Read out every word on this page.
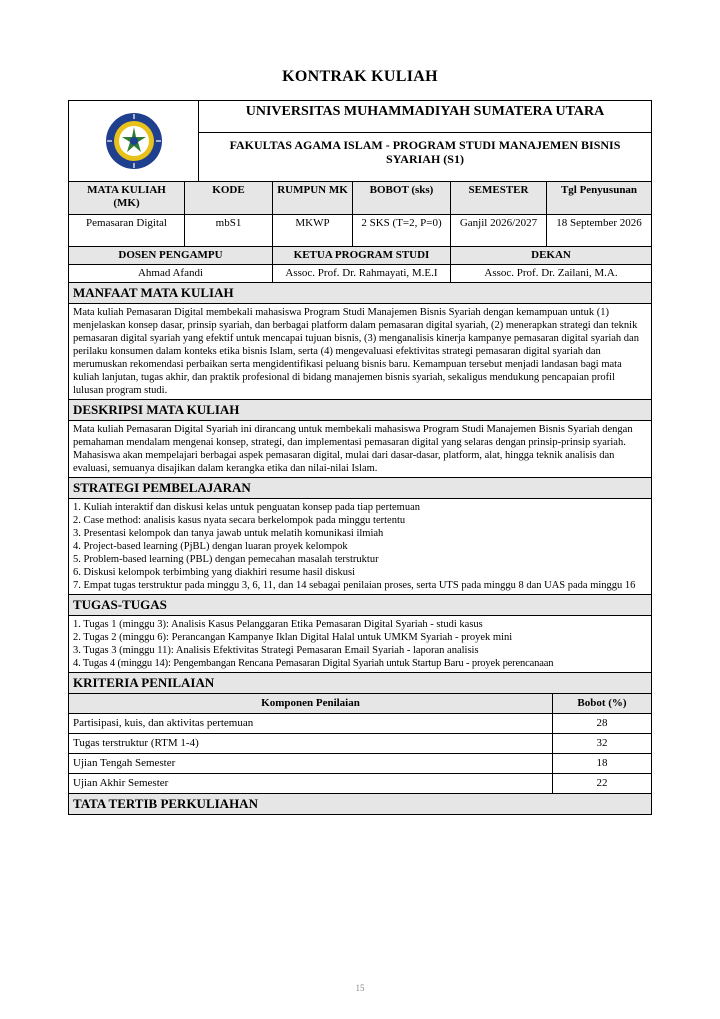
KONTRAK KULIAH
	UNIVERSITAS MUHAMMADIYAH SUMATERA UTARA
FAKULTAS AGAMA ISLAM - PROGRAM STUDI MANAJEMEN BISNIS SYARIAH (S1)
MATA KULIAH (MK)	KODE	RUMPUN MK	BOBOT (sks)	SEMESTER	Tgl Penyusunan
Pemasaran Digital	mbS1	MKWP	2 SKS (T=2, P=0)	Ganjil 2026/2027	18 September 2026
DOSEN PENGAMPU	KETUA PROGRAM STUDI	DEKAN
Ahmad Afandi	Assoc. Prof. Dr. Rahmayati, M.E.I	Assoc. Prof. Dr. Zailani, M.A.
MANFAAT MATA KULIAH
Mata kuliah Pemasaran Digital membekali mahasiswa Program Studi Manajemen Bisnis Syariah dengan kemampuan untuk (1) menjelaskan konsep dasar, prinsip syariah, dan berbagai platform dalam pemasaran digital syariah, (2) menerapkan strategi dan teknik pemasaran digital syariah yang efektif untuk mencapai tujuan bisnis, (3) menganalisis kinerja kampanye pemasaran digital syariah dan perilaku konsumen dalam konteks etika bisnis Islam, serta (4) mengevaluasi efektivitas strategi pemasaran digital syariah dan merumuskan rekomendasi perbaikan serta mengidentifikasi peluang bisnis baru. Kemampuan tersebut menjadi landasan bagi mata kuliah lanjutan, tugas akhir, dan praktik profesional di bidang manajemen bisnis syariah, sekaligus mendukung pencapaian profil lulusan program studi.
DESKRIPSI MATA KULIAH
Mata kuliah Pemasaran Digital Syariah ini dirancang untuk membekali mahasiswa Program Studi Manajemen Bisnis Syariah dengan pemahaman mendalam mengenai konsep, strategi, dan implementasi pemasaran digital yang selaras dengan prinsip-prinsip syariah. Mahasiswa akan mempelajari berbagai aspek pemasaran digital, mulai dari dasar-dasar, platform, alat, hingga teknik analisis dan evaluasi, semuanya disajikan dalam kerangka etika dan nilai-nilai Islam.
STRATEGI PEMBELAJARAN

1. Kuliah interaktif dan diskusi kelas untuk penguatan konsep pada tiap pertemuan
2. Case method: analisis kasus nyata secara berkelompok pada minggu tertentu
3. Presentasi kelompok dan tanya jawab untuk melatih komunikasi ilmiah
4. Project-based learning (PjBL) dengan luaran proyek kelompok
5. Problem-based learning (PBL) dengan pemecahan masalah terstruktur
6. Diskusi kelompok terbimbing yang diakhiri resume hasil diskusi
7. Empat tugas terstruktur pada minggu 3, 6, 11, dan 14 sebagai penilaian proses, serta UTS pada minggu 8 dan UAS pada minggu 16

TUGAS-TUGAS

1. Tugas 1 (minggu 3): Analisis Kasus Pelanggaran Etika Pemasaran Digital Syariah - studi kasus
2. Tugas 2 (minggu 6): Perancangan Kampanye Iklan Digital Halal untuk UMKM Syariah - proyek mini
3. Tugas 3 (minggu 11): Analisis Efektivitas Strategi Pemasaran Email Syariah - laporan analisis
4. Tugas 4 (minggu 14): Pengembangan Rencana Pemasaran Digital Syariah untuk Startup Baru - proyek perencanaan

KRITERIA PENILAIAN
Komponen Penilaian	Bobot (%)
Partisipasi, kuis, dan aktivitas pertemuan	28
Tugas terstruktur (RTM 1-4)	32
Ujian Tengah Semester	18
Ujian Akhir Semester	22
TATA TERTIB PERKULIAHAN
15
